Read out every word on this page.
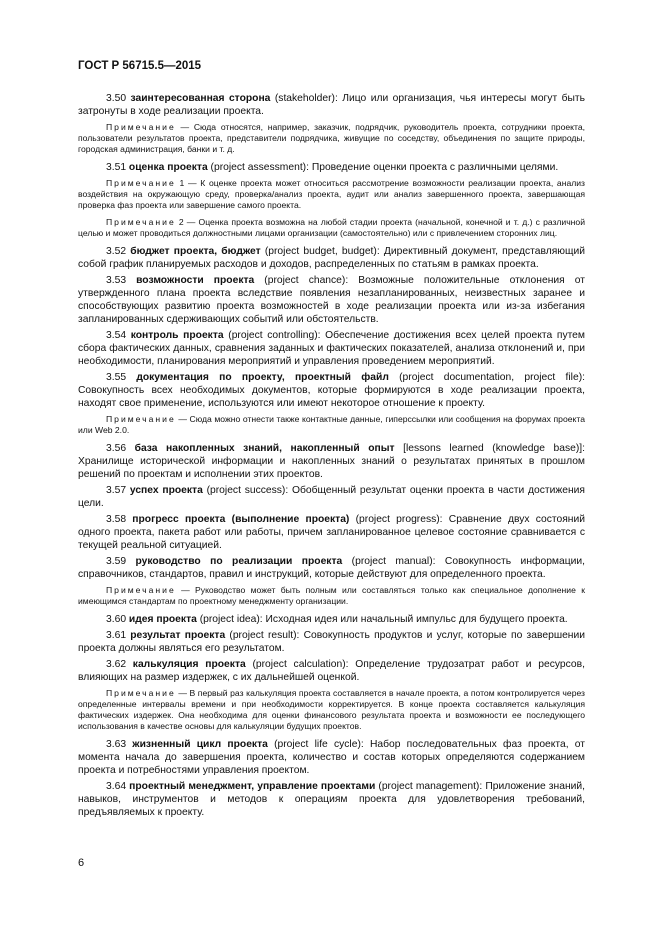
ГОСТ Р 56715.5—2015

3.50 заинтересованная сторона (stakeholder): Лицо или организация, чья интересы могут быть затронуты в ходе реализации проекта.

Примечание — Сюда относятся, например, заказчик, подрядчик, руководитель проекта, сотрудники проекта, пользователи результатов проекта, представители подрядчика, живущие по соседству, объединения по защите природы, городская администрация, банки и т. д.

3.51 оценка проекта (project assessment): Проведение оценки проекта с различными целями.

Примечание 1 — К оценке проекта может относиться рассмотрение возможности реализации проекта, анализ воздействия на окружающую среду, проверка/анализ проекта, аудит или анализ завершенного проекта, завершающая проверка фаз проекта или завершение самого проекта.

Примечание 2 — Оценка проекта возможна на любой стадии проекта (начальной, конечной и т. д.) с различной целью и может проводиться должностными лицами организации (самостоятельно) или с привлечением сторонних лиц.

3.52 бюджет проекта, бюджет (project budget, budget): Директивный документ, представляющий собой график планируемых расходов и доходов, распределенных по статьям в рамках проекта.

3.53 возможности проекта (project chance): Возможные положительные отклонения от утвержденного плана проекта вследствие появления незапланированных, неизвестных заранее и способствующих развитию проекта возможностей в ходе реализации проекта или из-за избегания запланированных сдерживающих событий или обстоятельств.

3.54 контроль проекта (project controlling): Обеспечение достижения всех целей проекта путем сбора фактических данных, сравнения заданных и фактических показателей, анализа отклонений и, при необходимости, планирования мероприятий и управления проведением мероприятий.

3.55 документация по проекту, проектный файл (project documentation, project file): Совокупность всех необходимых документов, которые формируются в ходе реализации проекта, находят свое применение, используются или имеют некоторое отношение к проекту.

Примечание — Сюда можно отнести также контактные данные, гиперссылки или сообщения на форумах проекта или Web 2.0.

3.56 база накопленных знаний, накопленный опыт [lessons learned (knowledge base)]: Хранилище исторической информации и накопленных знаний о результатах принятых в прошлом решений по проектам и исполнении этих проектов.

3.57 успех проекта (project success): Обобщенный результат оценки проекта в части достижения цели.

3.58 прогресс проекта (выполнение проекта) (project progress): Сравнение двух состояний одного проекта, пакета работ или работы, причем запланированное целевое состояние сравнивается с текущей реальной ситуацией.

3.59 руководство по реализации проекта (project manual): Совокупность информации, справочников, стандартов, правил и инструкций, которые действуют для определенного проекта.

Примечание — Руководство может быть полным или составляться только как специальное дополнение к имеющимся стандартам по проектному менеджменту организации.

3.60 идея проекта (project idea): Исходная идея или начальный импульс для будущего проекта.

3.61 результат проекта (project result): Совокупность продуктов и услуг, которые по завершении проекта должны являться его результатом.

3.62 калькуляция проекта (project calculation): Определение трудозатрат работ и ресурсов, влияющих на размер издержек, с их дальнейшей оценкой.

Примечание — В первый раз калькуляция проекта составляется в начале проекта, а потом контролируется через определенные интервалы времени и при необходимости корректируется. В конце проекта составляется калькуляция фактических издержек. Она необходима для оценки финансового результата проекта и возможности ее последующего использования в качестве основы для калькуляции будущих проектов.

3.63 жизненный цикл проекта (project life cycle): Набор последовательных фаз проекта, от момента начала до завершения проекта, количество и состав которых определяются содержанием проекта и потребностями управления проектом.

3.64 проектный менеджмент, управление проектами (project management): Приложение знаний, навыков, инструментов и методов к операциям проекта для удовлетворения требований, предъявляемых к проекту.

6
